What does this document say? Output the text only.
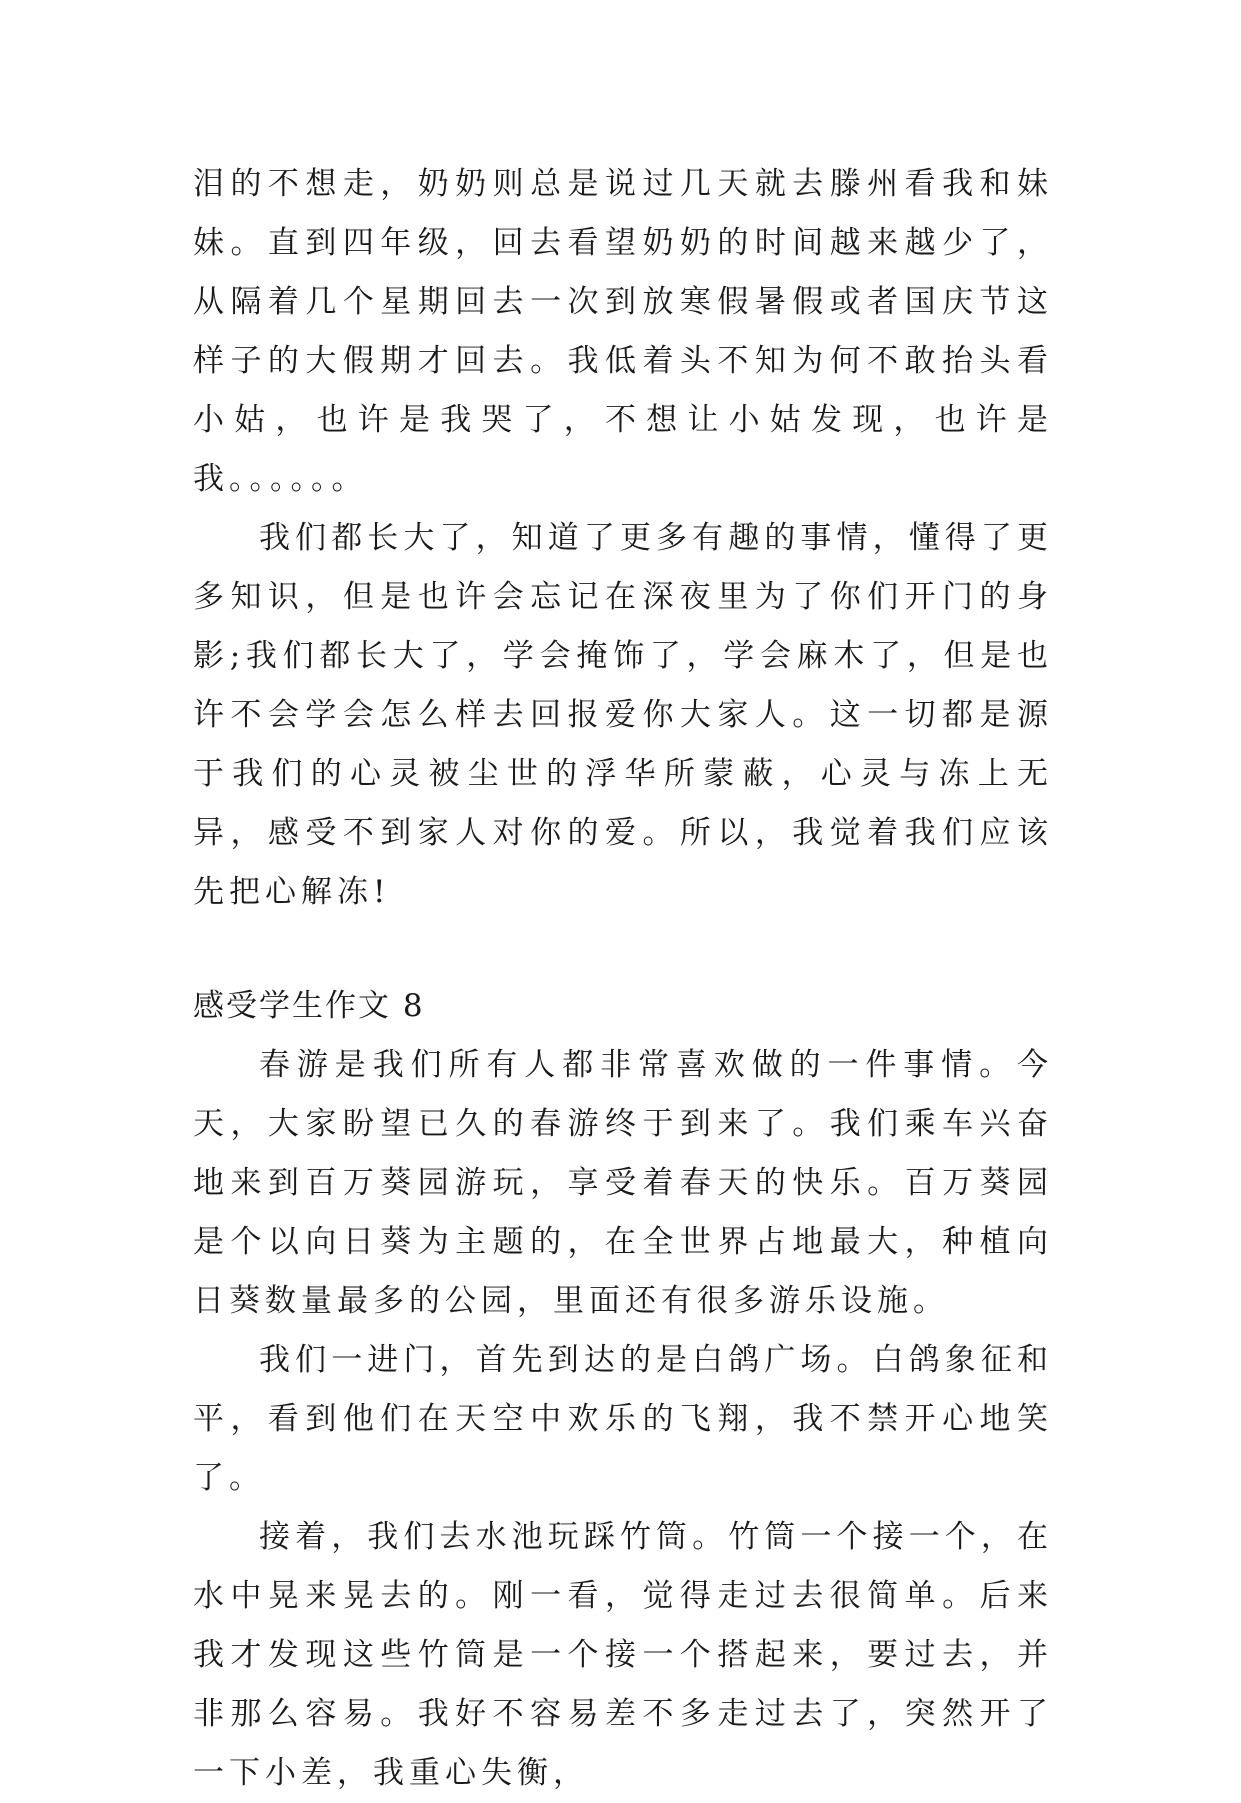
泪的不想走，奶奶则总是说过几天就去滕州看我和妹妹。直到四年级，回去看望奶奶的时间越来越少了，从隔着几个星期回去一次到放寒假暑假或者国庆节这样子的大假期才回去。我低着头不知为何不敢抬头看小姑，也许是我哭了，不想让小姑发现，也许是我。。。。。。

我们都长大了，知道了更多有趣的事情，懂得了更多知识，但是也许会忘记在深夜里为了你们开门的身影;我们都长大了，学会掩饰了，学会麻木了，但是也许不会学会怎么样去回报爱你大家人。这一切都是源于我们的心灵被尘世的浮华所蒙蔽，心灵与冻上无异，感受不到家人对你的爱。所以，我觉着我们应该先把心解冻!

感受学生作文 8

春游是我们所有人都非常喜欢做的一件事情。今天，大家盼望已久的春游终于到来了。我们乘车兴奋地来到百万葵园游玩，享受着春天的快乐。百万葵园是个以向日葵为主题的，在全世界占地最大，种植向日葵数量最多的公园，里面还有很多游乐设施。

我们一进门，首先到达的是白鸽广场。白鸽象征和平，看到他们在天空中欢乐的飞翔，我不禁开心地笑了。

接着，我们去水池玩踩竹筒。竹筒一个接一个，在水中晃来晃去的。刚一看，觉得走过去很简单。后来我才发现这些竹筒是一个接一个搭起来，要过去，并非那么容易。我好不容易差不多走过去了，突然开了一下小差，我重心失衡，
